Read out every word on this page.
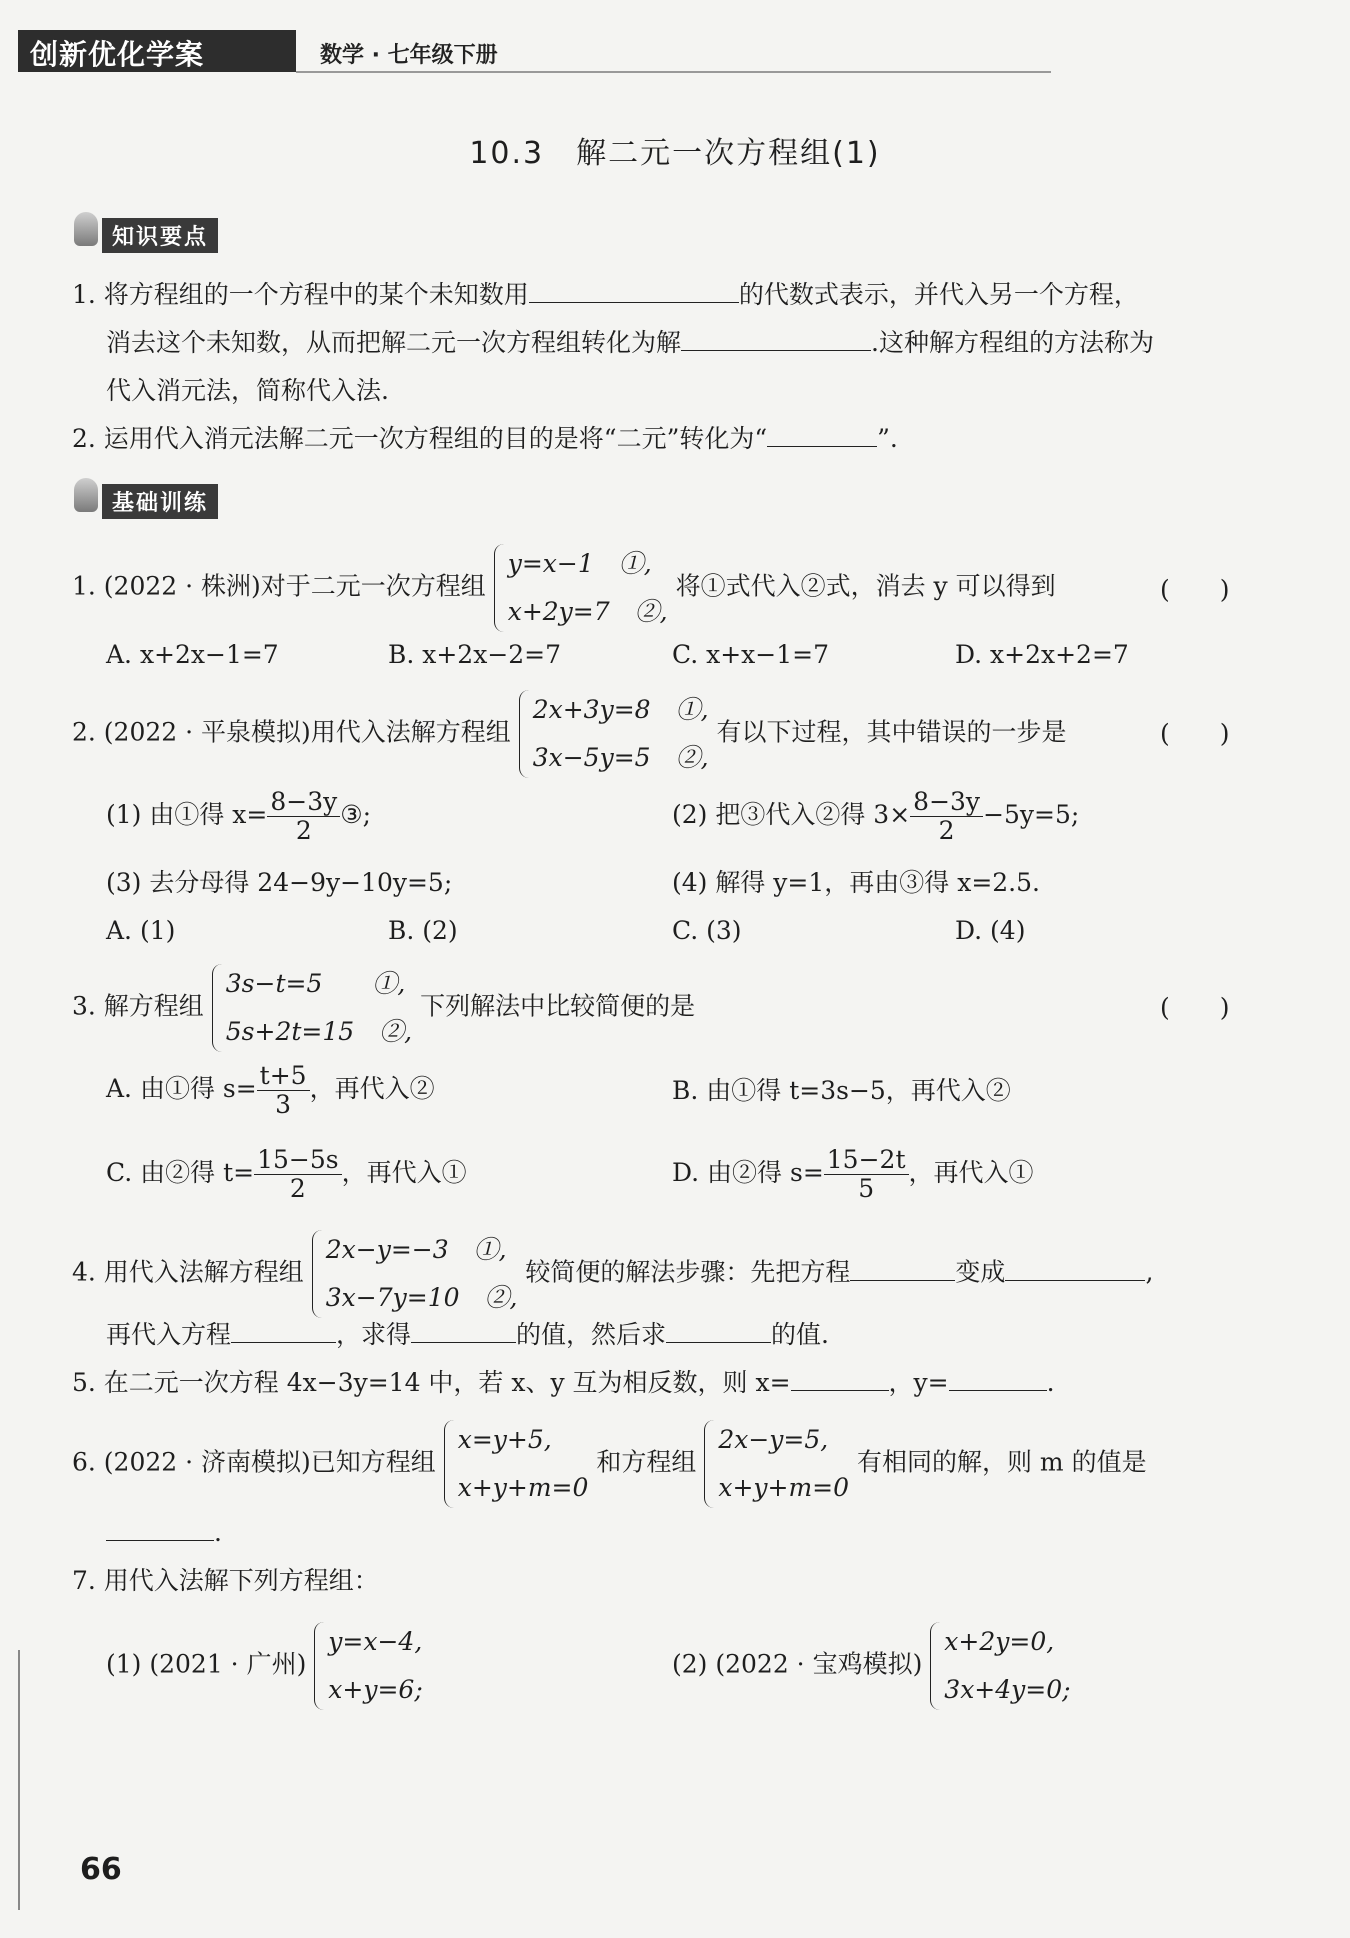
创新优化学案	数学 · 七年级下册
10.3　解二元一次方程组(1)
知识要点
1. 将方程组的一个方程中的某个未知数用	的代数式表示，并代入另一个方程，
消去这个未知数，从而把解二元一次方程组转化为解	.这种解方程组的方法称为
代入消元法，简称代入法.
2. 运用代入消元法解二元一次方程组的目的是将“二元”转化为“	”.
基础训练
1. (2022 · 株洲)对于二元一次方程组
y=x−1　①,
x+2y=7　②,
将①式代入②式，消去 y 可以得到	(　　)
A. x+2x−1=7	B. x+2x−2=7	C. x+x−1=7	D. x+2x+2=7
2. (2022 · 平泉模拟)用代入法解方程组
2x+3y=8　①,
3x−5y=5　②,
有以下过程，其中错误的一步是	(　　)
(1) 由①得 $x= \frac{8-3y}{2}$ ③;	(2) 把③代入②得 $3\times \frac{8-3y}{2} -5y=5$;
(3) 去分母得 24−9y−10y=5;	(4) 解得 y=1，再由③得 x=2.5.
A. (1)	B. (2)	C. (3)	D. (4)
3. 解方程组
3s−t=5　　①,
5s+2t=15　②,
下列解法中比较简便的是	(　　)
A. 由①得 $s= \frac{t+5}{3}$ ，再代入②	B. 由①得 t=3s−5，再代入②
C. 由②得 $t= \frac{15-5s}{2}$ ，再代入①	D. 由②得 $s= \frac{15-2t}{5}$ ，再代入①
4. 用代入法解方程组
2x−y=−3　①,
3x−7y=10　②,
较简便的解法步骤：先把方程	变成	,
再代入方程	，求得	的值，然后求	的值.
5. 在二元一次方程 4x−3y=14 中，若 x、y 互为相反数，则 x=	，y=	.
6. (2022 · 济南模拟)已知方程组
x=y+5,
x+y+m=0
和方程组
2x−y=5,
x+y+m=0
有相同的解，则 m 的值是
.
7. 用代入法解下列方程组：
(1) (2021 · 广州)
y=x−4,
x+y=6;
(2) (2022 · 宝鸡模拟)
x+2y=0,
3x+4y=0;
66
